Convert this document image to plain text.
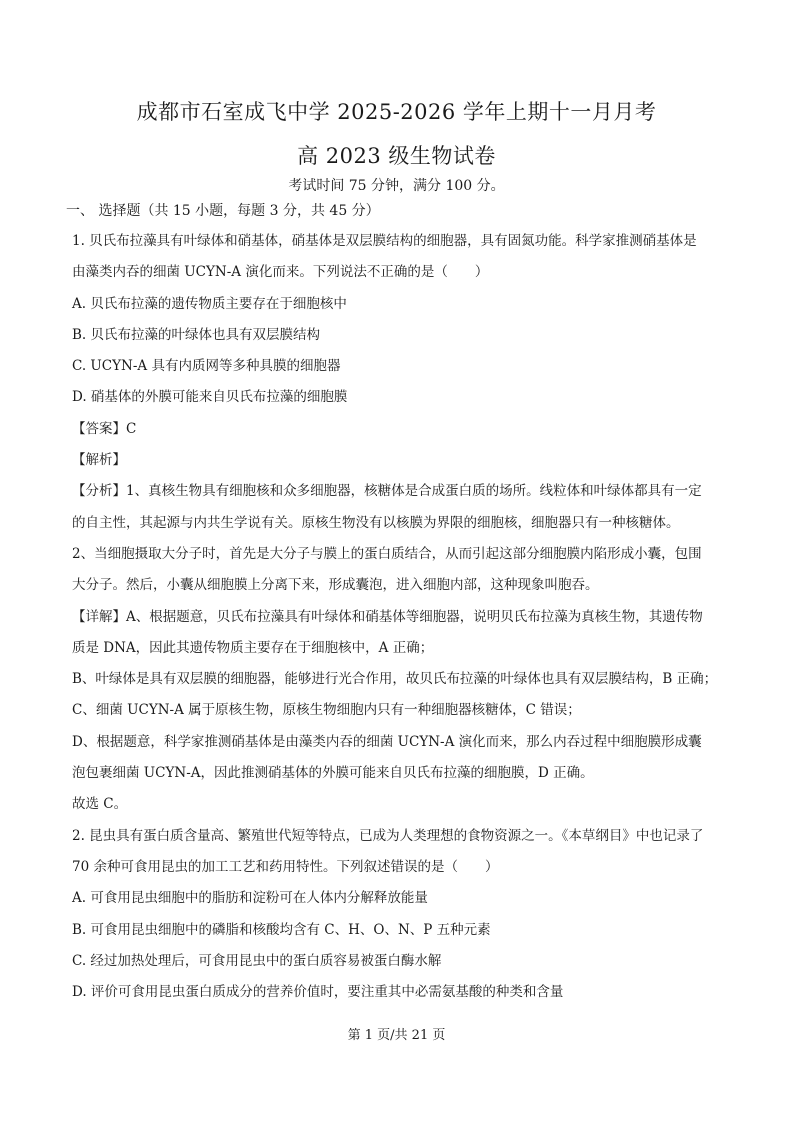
成都市石室成飞中学 2025-2026 学年上期十一月月考
高 2023 级生物试卷
考试时间 75 分钟，满分 100 分。
一、 选择题（共 15 小题，每题 3 分，共 45 分）
1. 贝氏布拉藻具有叶绿体和硝基体，硝基体是双层膜结构的细胞器，具有固氮功能。科学家推测硝基体是
由藻类内吞的细菌 UCYN-A 演化而来。下列说法不正确的是（　　）
A. 贝氏布拉藻的遗传物质主要存在于细胞核中
B. 贝氏布拉藻的叶绿体也具有双层膜结构
C. UCYN-A 具有内质网等多种具膜的细胞器
D. 硝基体的外膜可能来自贝氏布拉藻的细胞膜
【答案】C
【解析】
【分析】1、真核生物具有细胞核和众多细胞器，核糖体是合成蛋白质的场所。线粒体和叶绿体都具有一定
的自主性，其起源与内共生学说有关。原核生物没有以核膜为界限的细胞核，细胞器只有一种核糖体。
2、当细胞摄取大分子时，首先是大分子与膜上的蛋白质结合，从而引起这部分细胞膜内陷形成小囊，包围
大分子。然后，小囊从细胞膜上分离下来，形成囊泡，进入细胞内部，这种现象叫胞吞。
【详解】A、根据题意，贝氏布拉藻具有叶绿体和硝基体等细胞器，说明贝氏布拉藻为真核生物，其遗传物
质是 DNA，因此其遗传物质主要存在于细胞核中，A 正确；
B、叶绿体是具有双层膜的细胞器，能够进行光合作用，故贝氏布拉藻的叶绿体也具有双层膜结构，B 正确；
C、细菌 UCYN-A 属于原核生物，原核生物细胞内只有一种细胞器核糖体，C 错误；
D、根据题意，科学家推测硝基体是由藻类内吞的细菌 UCYN-A 演化而来，那么内吞过程中细胞膜形成囊
泡包裹细菌 UCYN-A，因此推测硝基体的外膜可能来自贝氏布拉藻的细胞膜，D 正确。
故选 C。
2. 昆虫具有蛋白质含量高、繁殖世代短等特点，已成为人类理想的食物资源之一。《本草纲目》中也记录了
70 余种可食用昆虫的加工工艺和药用特性。下列叙述错误的是（　　）
A. 可食用昆虫细胞中的脂肪和淀粉可在人体内分解释放能量
B. 可食用昆虫细胞中的磷脂和核酸均含有 C、H、O、N、P 五种元素
C. 经过加热处理后，可食用昆虫中的蛋白质容易被蛋白酶水解
D. 评价可食用昆虫蛋白质成分的营养价值时，要注重其中必需氨基酸的种类和含量
第 1 页/共 21 页
